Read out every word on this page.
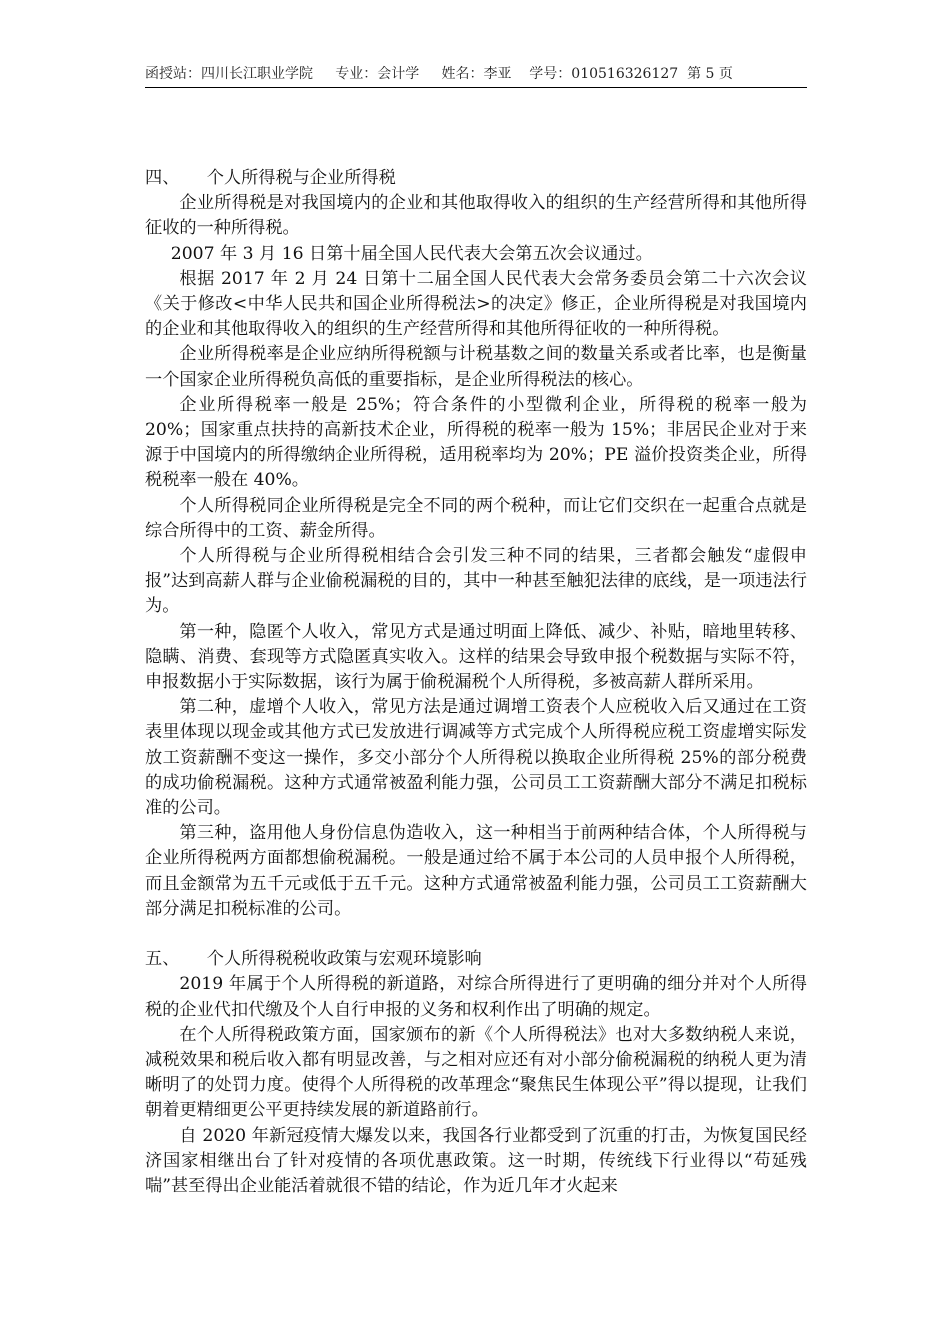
函授站：四川长江职业学院     专业：会计学     姓名：李亚    学号：010516326127  第 5 页

四、     个人所得税与企业所得税

企业所得税是对我国境内的企业和其他取得收入的组织的生产经营所得和其他所得征收的一种所得税。

2007 年 3 月 16 日第十届全国人民代表大会第五次会议通过。

根据 2017 年 2 月 24 日第十二届全国人民代表大会常务委员会第二十六次会议《关于修改<中华人民共和国企业所得税法>的决定》修正，企业所得税是对我国境内的企业和其他取得收入的组织的生产经营所得和其他所得征收的一种所得税。

企业所得税率是企业应纳所得税额与计税基数之间的数量关系或者比率，也是衡量一个国家企业所得税负高低的重要指标，是企业所得税法的核心。

企业所得税率一般是 25%；符合条件的小型微利企业，所得税的税率一般为 20%；国家重点扶持的高新技术企业，所得税的税率一般为 15%；非居民企业对于来源于中国境内的所得缴纳企业所得税，适用税率均为 20%；PE 溢价投资类企业，所得税税率一般在 40%。

个人所得税同企业所得税是完全不同的两个税种，而让它们交织在一起重合点就是综合所得中的工资、薪金所得。

个人所得税与企业所得税相结合会引发三种不同的结果，三者都会触发“虚假申报”达到高薪人群与企业偷税漏税的目的，其中一种甚至触犯法律的底线，是一项违法行为。

第一种，隐匿个人收入，常见方式是通过明面上降低、减少、补贴，暗地里转移、隐瞒、消费、套现等方式隐匿真实收入。这样的结果会导致申报个税数据与实际不符，申报数据小于实际数据，该行为属于偷税漏税个人所得税，多被高薪人群所采用。

第二种，虚增个人收入，常见方法是通过调增工资表个人应税收入后又通过在工资表里体现以现金或其他方式已发放进行调减等方式完成个人所得税应税工资虚增实际发放工资薪酬不变这一操作，多交小部分个人所得税以换取企业所得税 25%的部分税费的成功偷税漏税。这种方式通常被盈利能力强，公司员工工资薪酬大部分不满足扣税标准的公司。

第三种，盗用他人身份信息伪造收入，这一种相当于前两种结合体，个人所得税与企业所得税两方面都想偷税漏税。一般是通过给不属于本公司的人员申报个人所得税，而且金额常为五千元或低于五千元。这种方式通常被盈利能力强，公司员工工资薪酬大部分满足扣税标准的公司。

五、     个人所得税税收政策与宏观环境影响

2019 年属于个人所得税的新道路，对综合所得进行了更明确的细分并对个人所得税的企业代扣代缴及个人自行申报的义务和权利作出了明确的规定。

在个人所得税政策方面，国家颁布的新《个人所得税法》也对大多数纳税人来说，减税效果和税后收入都有明显改善，与之相对应还有对小部分偷税漏税的纳税人更为清晰明了的处罚力度。使得个人所得税的改革理念“聚焦民生体现公平”得以提现，让我们朝着更精细更公平更持续发展的新道路前行。

自 2020 年新冠疫情大爆发以来，我国各行业都受到了沉重的打击，为恢复国民经济国家相继出台了针对疫情的各项优惠政策。这一时期，传统线下行业得以“苟延残喘”甚至得出企业能活着就很不错的结论，作为近几年才火起来
